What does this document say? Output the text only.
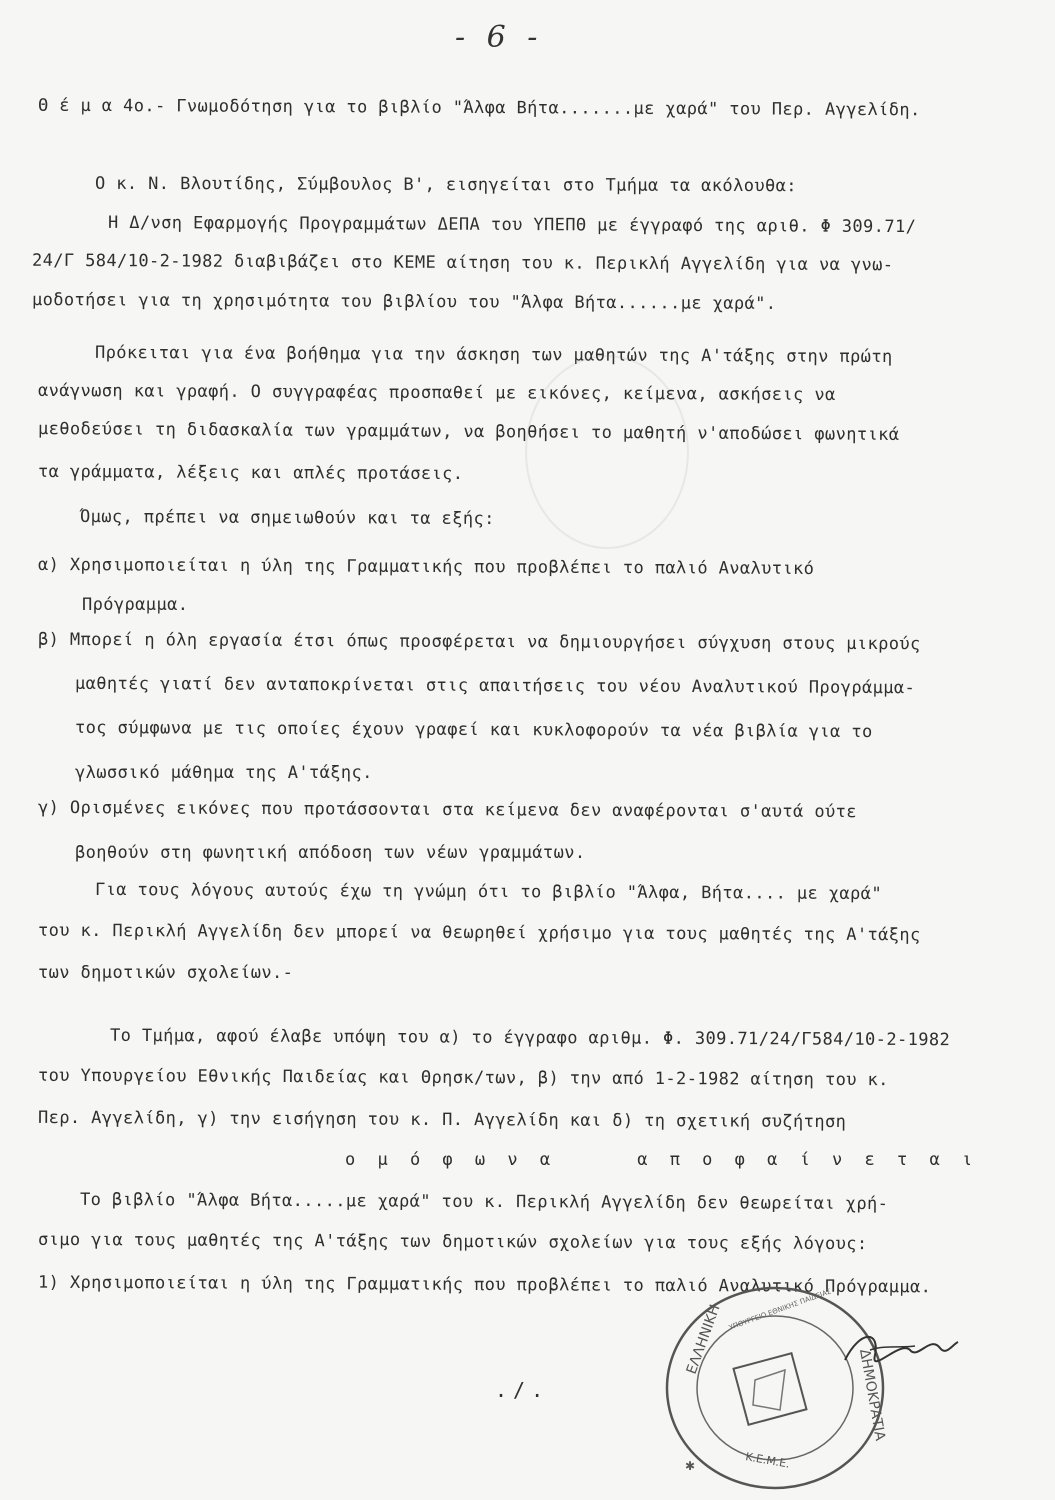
- 6 -
Θ έ μ α 4ο.- Γνωμοδότηση για το βιβλίο "Άλφα Βήτα.......με χαρά" του Περ. Αγγελίδη.
Ο κ. Ν. Βλουτίδης, Σύμβουλος Β', εισηγείται στο Τμήμα τα ακόλουθα:
Η Δ/νση Εφαρμογής Προγραμμάτων ΔΕΠΑ του ΥΠΕΠΘ με έγγραφό της αριθ. Φ 309.71/
24/Γ 584/10-2-1982 διαβιβάζει στο ΚΕΜΕ αίτηση του κ. Περικλή Αγγελίδη για να γνω-
μοδοτήσει για τη χρησιμότητα του βιβλίου του "Άλφα Βήτα......με χαρά".
Πρόκειται για ένα βοήθημα για την άσκηση των μαθητών της Α'τάξης στην πρώτη
ανάγνωση και γραφή. Ο συγγραφέας προσπαθεί με εικόνες, κείμενα, ασκήσεις να
μεθοδεύσει τη διδασκαλία των γραμμάτων, να βοηθήσει το μαθητή ν'αποδώσει φωνητικά
τα γράμματα, λέξεις και απλές προτάσεις.
Όμως, πρέπει να σημειωθούν και τα εξής:
α) Χρησιμοποιείται η ύλη της Γραμματικής που προβλέπει το παλιό Αναλυτικό
Πρόγραμμα.
β) Μπορεί η όλη εργασία έτσι όπως προσφέρεται να δημιουργήσει σύγχυση στους μικρούς
μαθητές γιατί δεν ανταποκρίνεται στις απαιτήσεις του νέου Αναλυτικού Προγράμμα-
τος σύμφωνα με τις οποίες έχουν γραφεί και κυκλοφορούν τα νέα βιβλία για το
γλωσσικό μάθημα της Α'τάξης.
γ) Ορισμένες εικόνες που προτάσσονται στα κείμενα δεν αναφέρονται σ'αυτά ούτε
βοηθούν στη φωνητική απόδοση των νέων γραμμάτων.
Για τους λόγους αυτούς έχω τη γνώμη ότι το βιβλίο "Άλφα, Βήτα.... με χαρά"
του κ. Περικλή Αγγελίδη δεν μπορεί να θεωρηθεί χρήσιμο για τους μαθητές της Α'τάξης
των δημοτικών σχολείων.-
Το Τμήμα, αφού έλαβε υπόψη του α) το έγγραφο αριθμ. Φ. 309.71/24/Γ584/10-2-1982
του Υπουργείου Εθνικής Παιδείας και Θρησκ/των, β) την από 1-2-1982 αίτηση του κ.
Περ. Αγγελίδη, γ) την εισήγηση του κ. Π. Αγγελίδη και δ) τη σχετική συζήτηση
ο μ ό φ ω ν α     α π ο φ α ί ν ε τ α ι
Το βιβλίο "Άλφα Βήτα.....με χαρά" του κ. Περικλή Αγγελίδη δεν θεωρείται χρή-
σιμο για τους μαθητές της Α'τάξης των δημοτικών σχολείων για τους εξής λόγους:
1) Χρησιμοποιείται η ύλη της Γραμματικής που προβλέπει το παλιό Αναλυτικό Πρόγραμμα.
./.
ΕΛΛΗΝΙΚΗ
ΔΗΜΟΚΡΑΤΙΑ
Κ.Ε.Μ.Ε.
ΥΠΟΥΡΓΕΙΟ ΕΘΝΙΚΗΣ ΠΑΙΔΕΙΑΣ
✱
